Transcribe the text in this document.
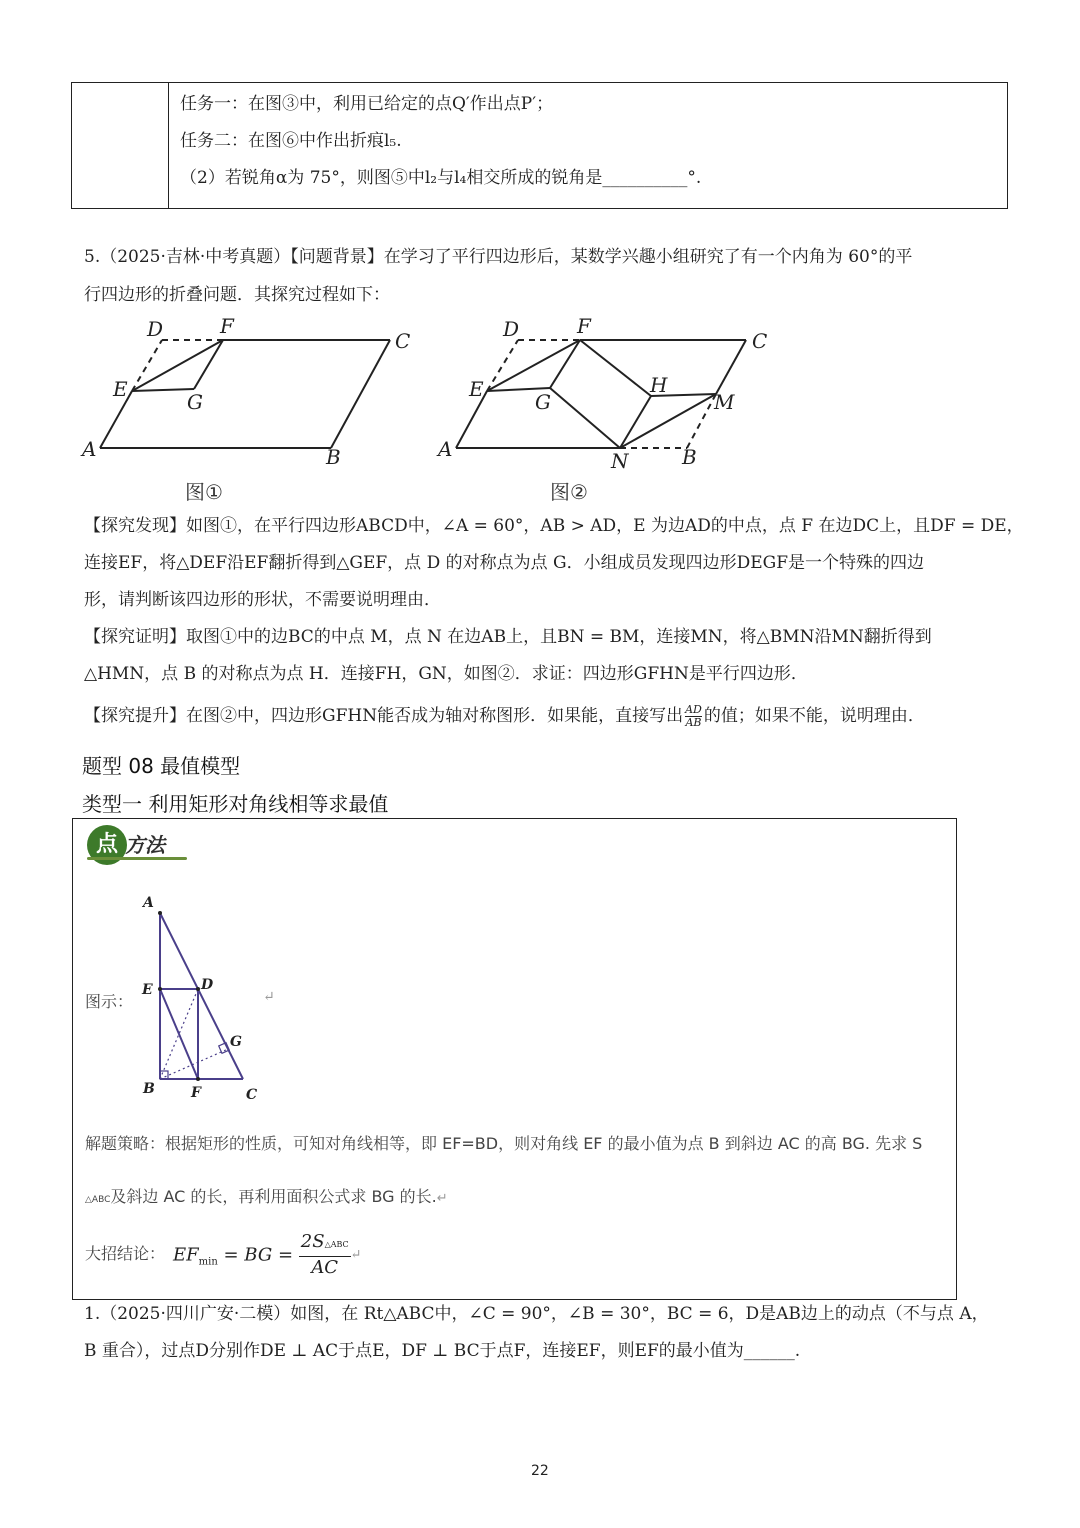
任务一：在图③中，利用已给定的点Q′作出点P′；
任务二：在图⑥中作出折痕l₅.
（2）若锐角α为 75°，则图⑤中l₂与l₄相交所成的锐角是__________°.
5.（2025·吉林·中考真题）【问题背景】在学习了平行四边形后，某数学兴趣小组研究了有一个内角为 60°的平
行四边形的折叠问题．其探究过程如下：
A	B
C
D
E
F
G
图①
A	B
C
D
E
F
G
H
M
N
图②
【探究发现】如图①，在平行四边形ABCD中，∠A = 60°，AB > AD，E 为边AD的中点，点 F 在边DC上，且DF = DE，
连接EF，将△DEF沿EF翻折得到△GEF，点 D 的对称点为点 G．小组成员发现四边形DEGF是一个特殊的四边
形，请判断该四边形的形状，不需要说明理由．
【探究证明】取图①中的边BC的中点 M，点 N 在边AB上，且BN = BM，连接MN，将△BMN沿MN翻折得到
△HMN，点 B 的对称点为点 H．连接FH，GN，如图②．求证：四边形GFHN是平行四边形．
【探究提升】在图②中，四边形GFHN能否成为轴对称图形．如果能，直接写出 $\frac{AD}{AB}$ 的值；如果不能，说明理由．
题型 08 最值模型
类型一 利用矩形对角线相等求最值
点 方法
图示：
A
E	D
G
B	F	C
↵
解题策略：根据矩形的性质，可知对角线相等，即 EF=BD，则对角线 EF 的最小值为点 B 到斜边 AC 的高 BG. 先求 S
△ABC及斜边 AC 的长，再利用面积公式求 BG 的长.↵
大招结论： $EF_{min}$ = BG =
2S△ABC
AC
↵
1.（2025·四川广安·二模）如图，在 Rt△ABC中，∠C = 90°，∠B = 30°，BC = 6，D是AB边上的动点（不与点 A，
B 重合），过点D分别作DE ⊥ AC于点E，DF ⊥ BC于点F，连接EF，则EF的最小值为______.
22
